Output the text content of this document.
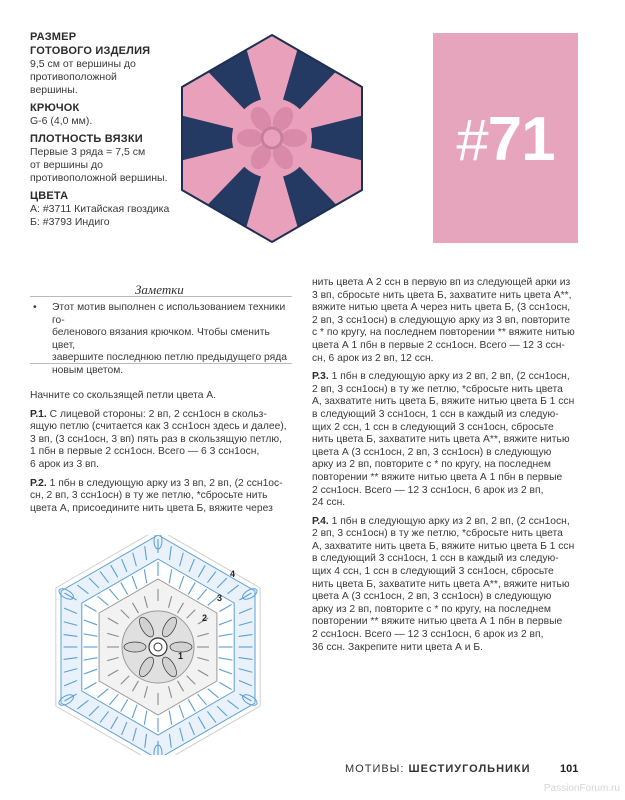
РАЗМЕР
ГОТОВОГО ИЗДЕЛИЯ
9,5 см от вершины до
противоположной
вершины.
КРЮЧОК
G-6 (4,0 мм).
ПЛОТНОСТЬ ВЯЗКИ
Первые 3 ряда = 7,5 см
от вершины до
противоположной вершины.
ЦВЕТА
А: #3711 Китайская гвоздика
Б: #3793 Индиго
#71
Заметки
• Этот мотив выполнен с использованием техники го-
беленового вязания крючком. Чтобы сменить цвет,
завершите последнюю петлю предыдущего ряда
новым цветом.

Начните со скользящей петли цвета А.

Р.1. С лицевой стороны: 2 вп, 2 ссн1осн в скольз-
ящую петлю (считается как 3 ссн1осн здесь и далее),
3 вп, (3 ссн1осн, 3 вп) пять раз в скользящую петлю,
1 пбн в первые 2 ссн1осн. Всего — 6 3 ссн1осн,
6 арок из 3 вп.

Р.2. 1 пбн в следующую арку из 3 вп, 2 вп, (2 ссн1ос-
сн, 2 вп, 3 ссн1осн) в ту же петлю, *сбросьте нить
цвета А, присоедините нить цвета Б, вяжите через

1
2
3
4

нить цвета А 2 ссн в первую вп из следующей арки из
3 вп, сбросьте нить цвета Б, захватите нить цвета А**,
вяжите нитью цвета А через нить цвета Б, (3 ссн1осн,
2 вп, 3 ссн1осн) в следующую арку из 3 вп, повторите
с * по кругу, на последнем повторении ** вяжите нитью
цвета А 1 пбн в первые 2 ссн1осн. Всего — 12 3 ссн-
сн, 6 арок из 2 вп, 12 ссн.

Р.3. 1 пбн в следующую арку из 2 вп, 2 вп, (2 ссн1осн,
2 вп, 3 ссн1осн) в ту же петлю, *сбросьте нить цвета
А, захватите нить цвета Б, вяжите нитью цвета Б 1 ссн
в следующий 3 ссн1осн, 1 ссн в каждый из следую-
щих 2 ссн, 1 ссн в следующий 3 ссн1осн, сбросьте
нить цвета Б, захватите нить цвета А**, вяжите нитью
цвета А (3 ссн1осн, 2 вп, 3 ссн1осн) в следующую
арку из 2 вп, повторите с * по кругу, на последнем
повторении ** вяжите нитью цвета А 1 пбн в первые
2 ссн1осн. Всего — 12 3 ссн1осн, 6 арок из 2 вп,
24 ссн.

Р.4. 1 пбн в следующую арку из 2 вп, 2 вп, (2 ссн1осн,
2 вп, 3 ссн1осн) в ту же петлю, *сбросьте нить цвета
А, захватите нить цвета Б, вяжите нитью цвета Б 1 ссн
в следующий 3 ссн1осн, 1 ссн в каждый из следую-
щих 4 ссн, 1 ссн в следующий 3 ссн1осн, сбросьте
нить цвета Б, захватите нить цвета А**, вяжите нитью
цвета А (3 ссн1осн, 2 вп, 3 ссн1осн) в следующую
арку из 2 вп, повторите с * по кругу, на последнем
повторении ** вяжите нитью цвета А 1 пбн в первые
2 ссн1осн. Всего — 12 3 ссн1осн, 6 арок из 2 вп,
36 ссн. Закрепите нити цвета А и Б.

МОТИВЫ: ШЕСТИУГОЛЬНИКИ	101
PassionForum.ru
